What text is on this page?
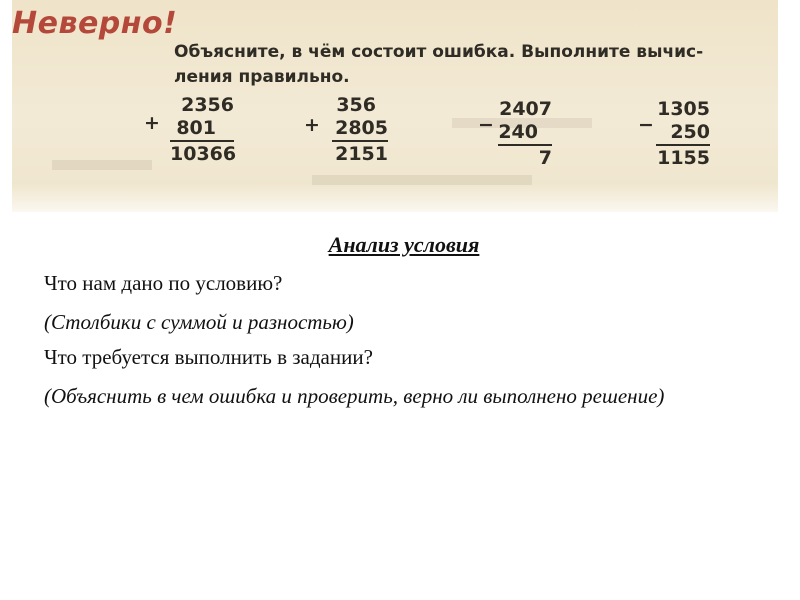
Неверно!
Объясните, в чём состоит ошибка. Выполните вычис-ления правильно.
+
2356
801
10366
+
356
2805
2151
−
2407
240
7
−
1305
250
1155
Анализ условия

Что нам дано по условию?

(Столбики с суммой и разностью)

Что требуется выполнить в задании?

(Объяснить в чем ошибка и проверить, верно ли выполнено решение)
